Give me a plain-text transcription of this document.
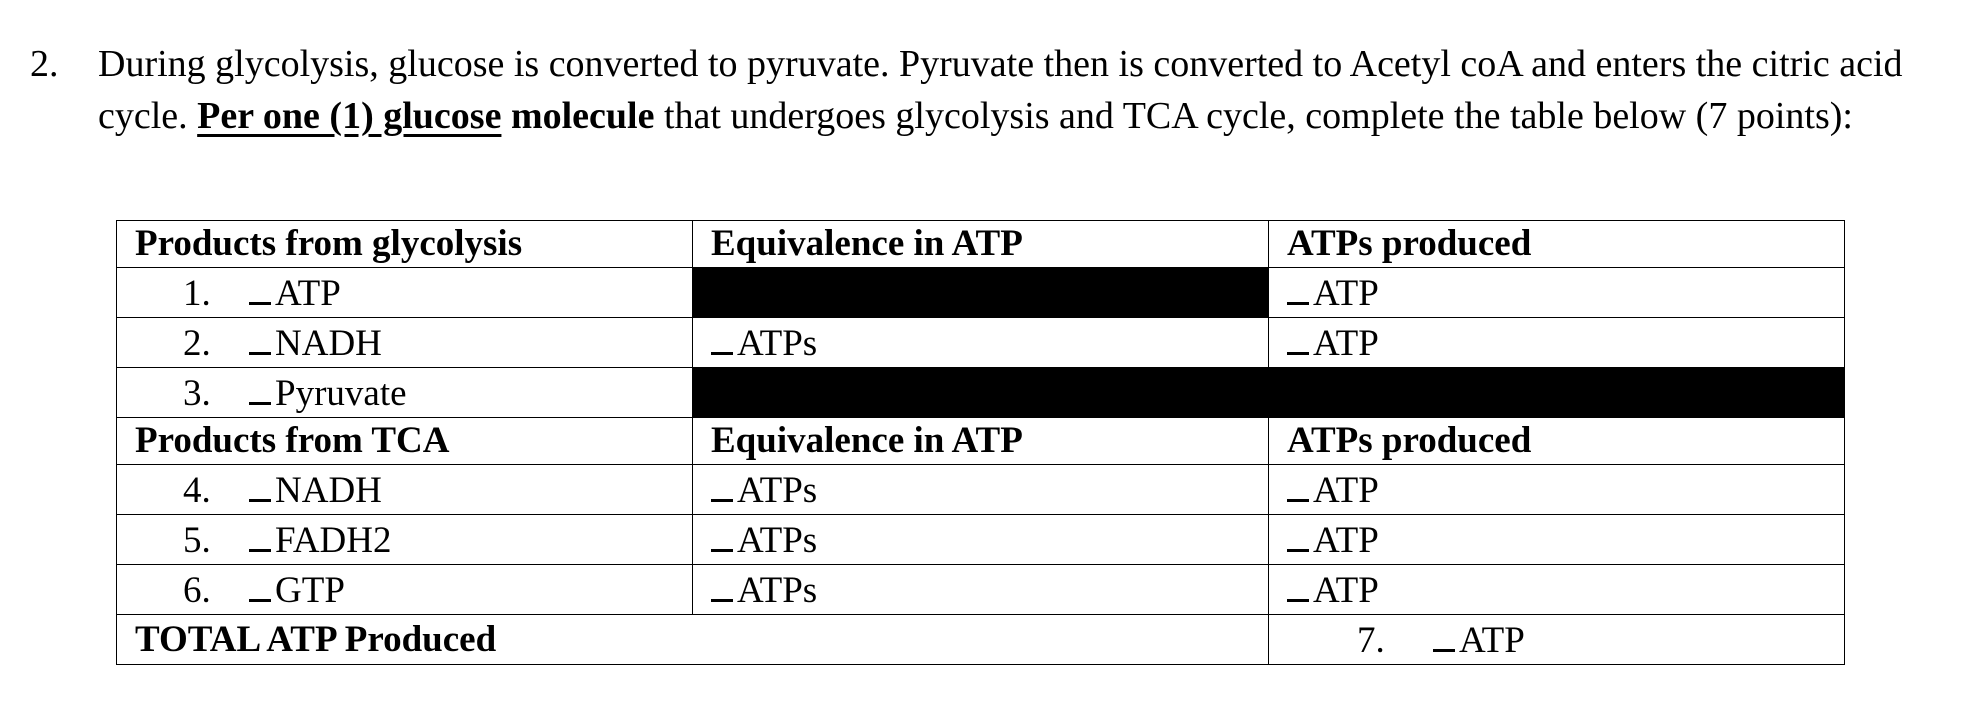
2.	During glycolysis, glucose is converted to pyruvate. Pyruvate then is converted to Acetyl coA and enters the citric acid cycle. Per one (1) glucose molecule that undergoes glycolysis and TCA cycle, complete the table below (7 points):
Products from glycolysis	Equivalence in ATP	ATPs produced
1. ATP		ATP
2. NADH	ATPs	ATP
3. Pyruvate		
Products from TCA	Equivalence in ATP	ATPs produced
4. NADH	ATPs	ATP
5. FADH2	ATPs	ATP
6. GTP	ATPs	ATP
TOTAL ATP Produced		7. ATP
